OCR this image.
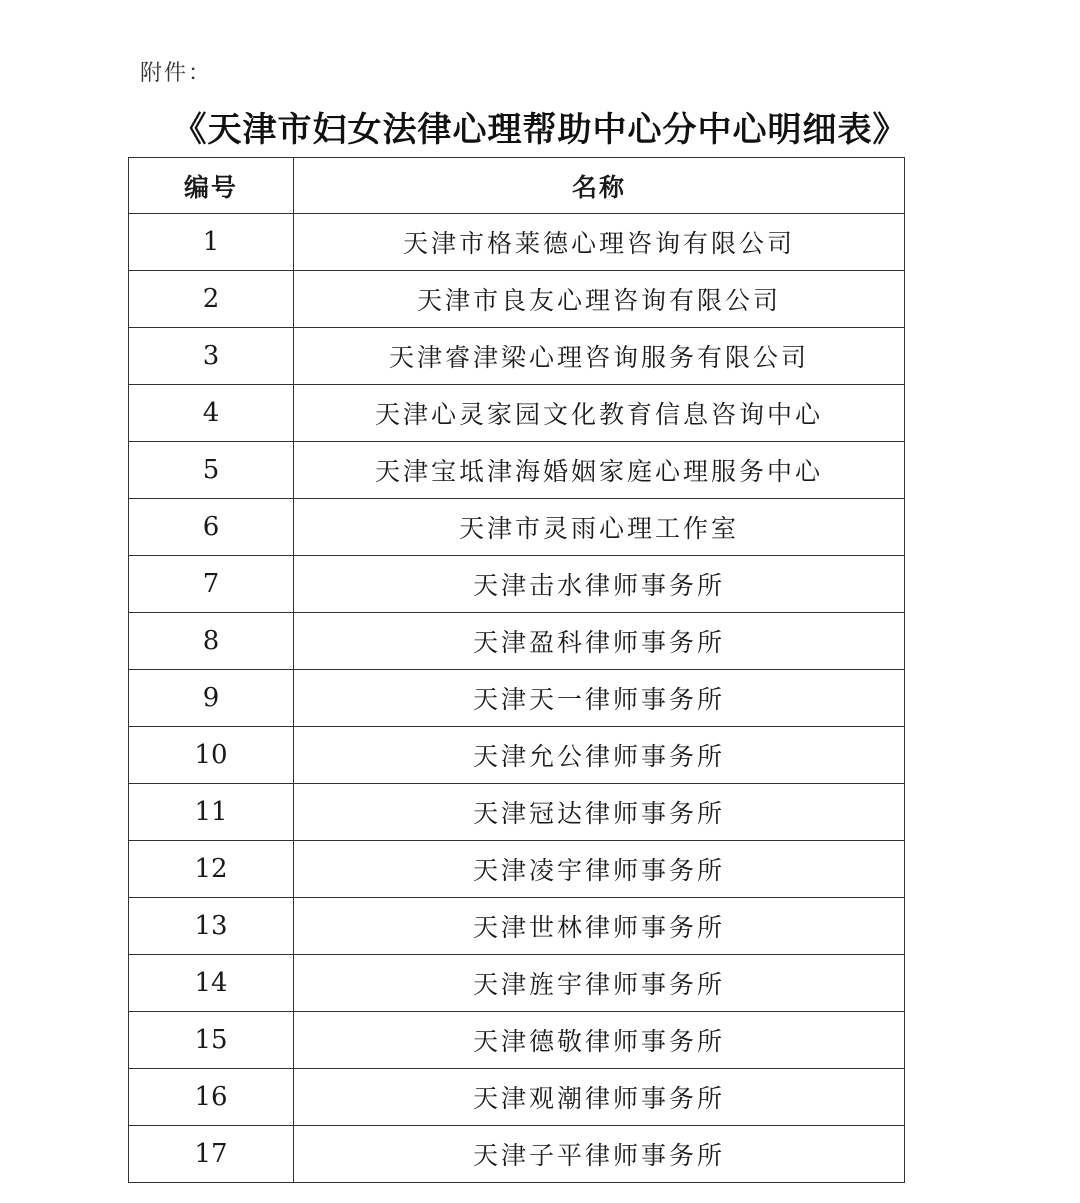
附件：
《天津市妇女法律心理帮助中心分中心明细表》
编号	名称
1	天津市格莱德心理咨询有限公司
2	天津市良友心理咨询有限公司
3	天津睿津梁心理咨询服务有限公司
4	天津心灵家园文化教育信息咨询中心
5	天津宝坻津海婚姻家庭心理服务中心
6	天津市灵雨心理工作室
7	天津击水律师事务所
8	天津盈科律师事务所
9	天津天一律师事务所
10	天津允公律师事务所
11	天津冠达律师事务所
12	天津凌宇律师事务所
13	天津世林律师事务所
14	天津旌宇律师事务所
15	天津德敬律师事务所
16	天津观潮律师事务所
17	天津子平律师事务所
